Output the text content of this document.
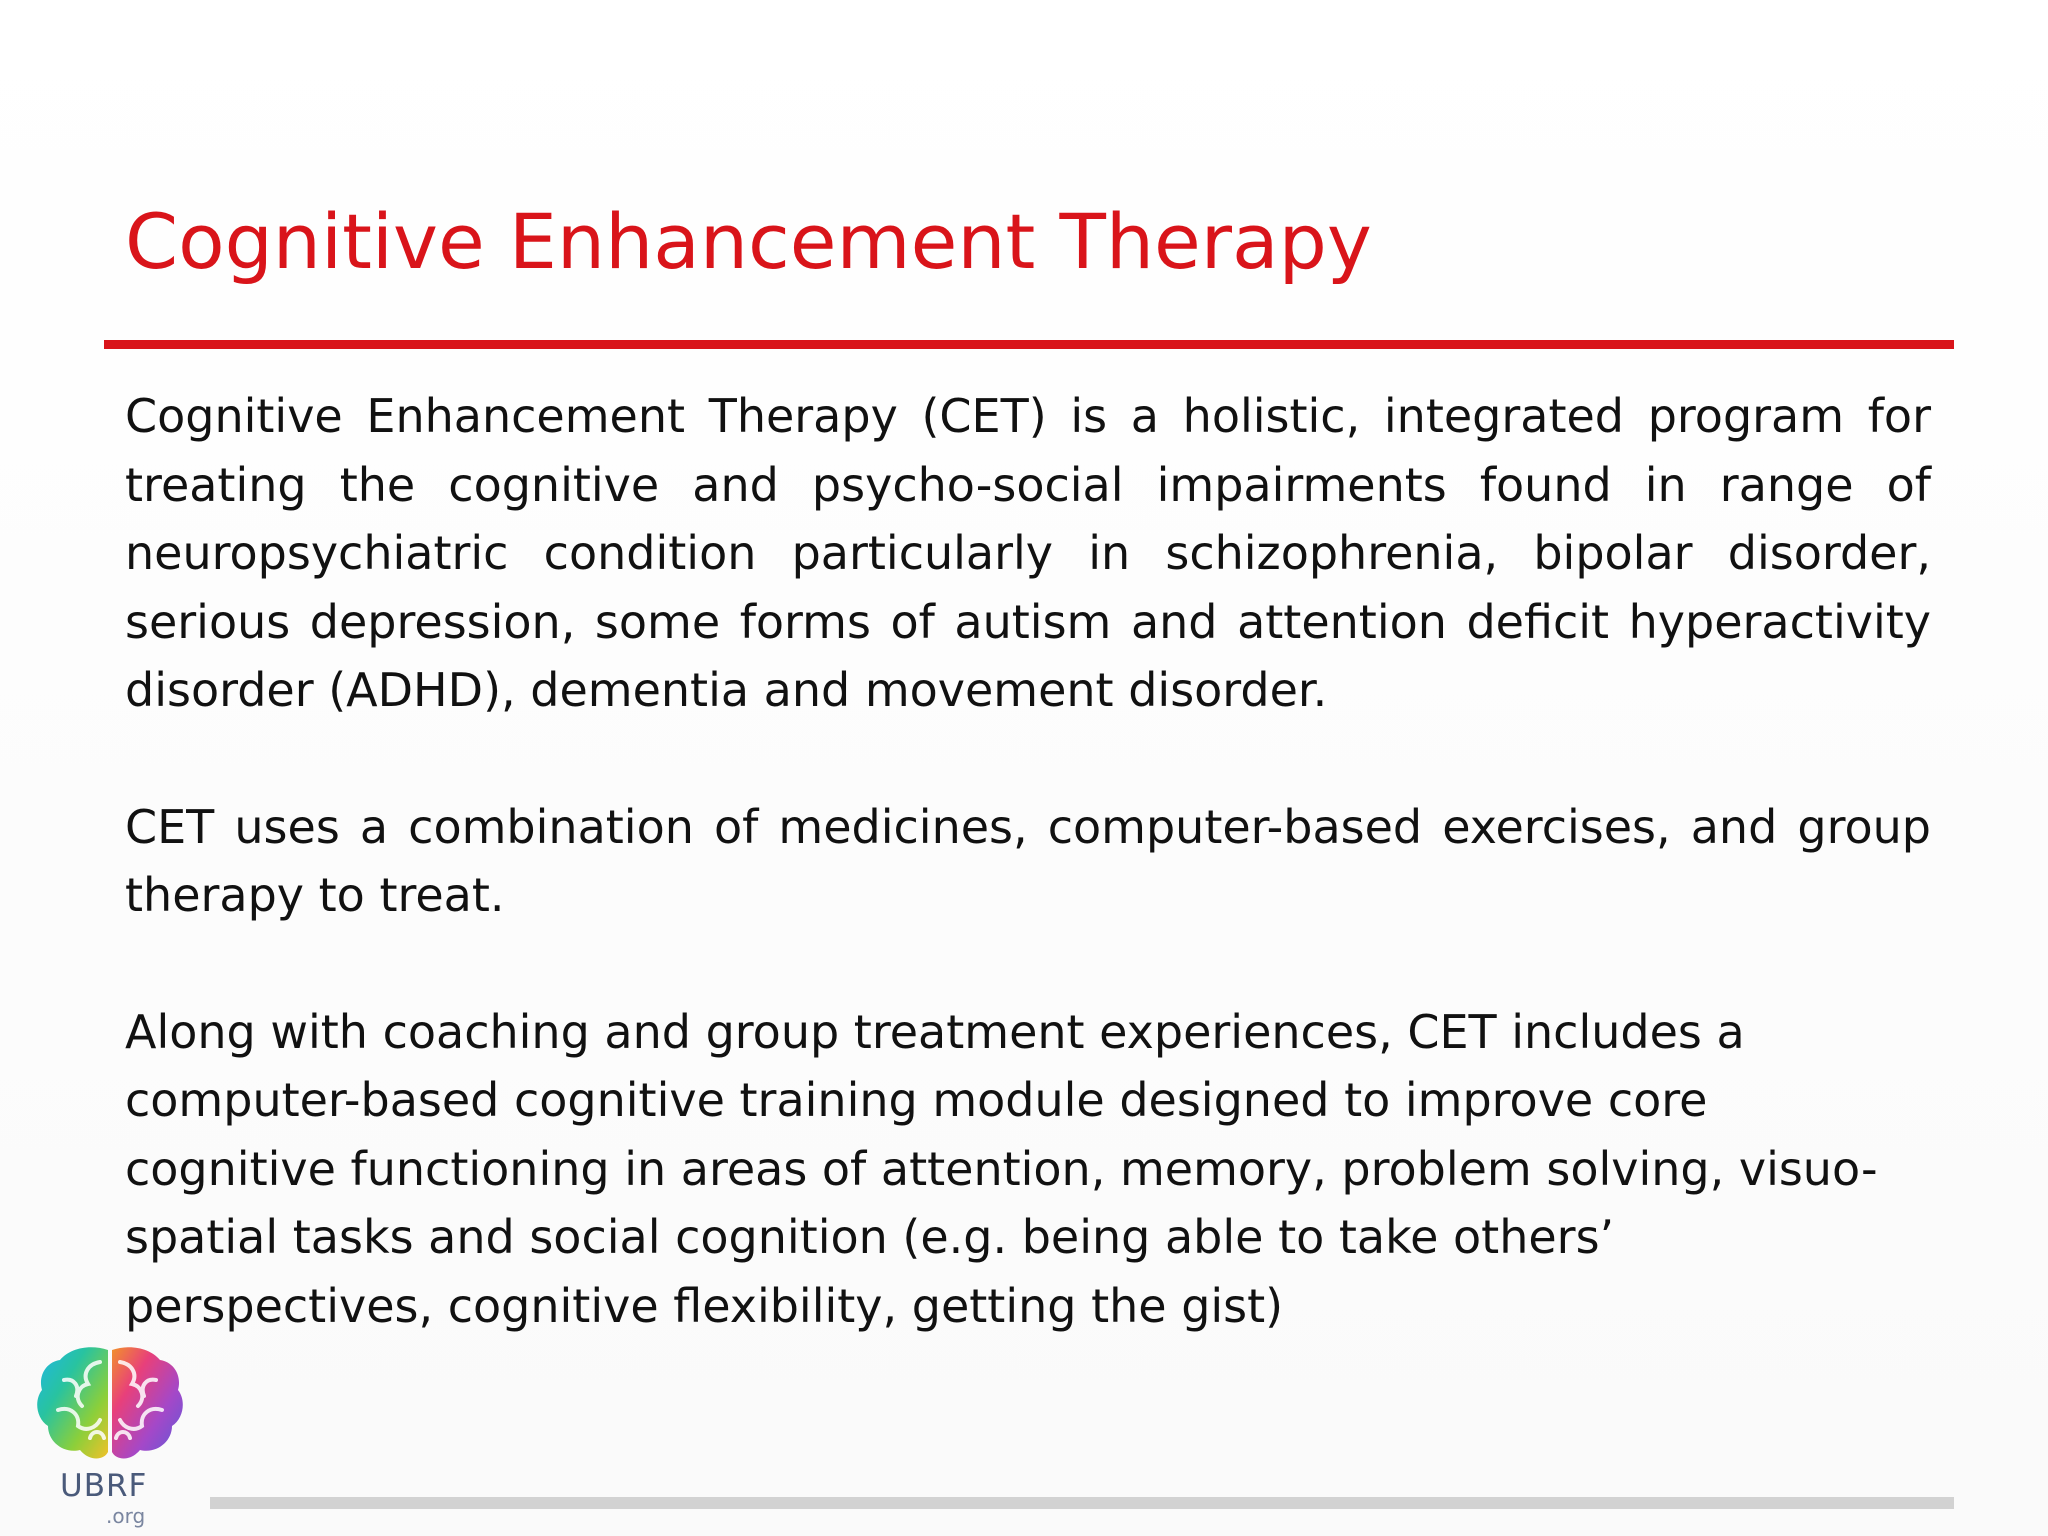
Cognitive Enhancement Therapy

Cognitive Enhancement Therapy (CET) is a holistic, integrated program for treating the cognitive and psycho-social impairments found in range of neuropsychiatric condition particularly in schizophrenia, bipolar disorder, serious depression, some forms of autism and attention deficit hyperactivity disorder (ADHD), dementia and movement disorder.

CET uses a combination of medicines, computer-based exercises, and group therapy to treat.

Along with coaching and group treatment experiences, CET includes a computer-based cognitive training module designed to improve core cognitive functioning in areas of attention, memory, problem solving, visuo-spatial tasks and social cognition (e.g. being able to take others’ perspectives, cognitive flexibility, getting the gist)

UBRF
.org
